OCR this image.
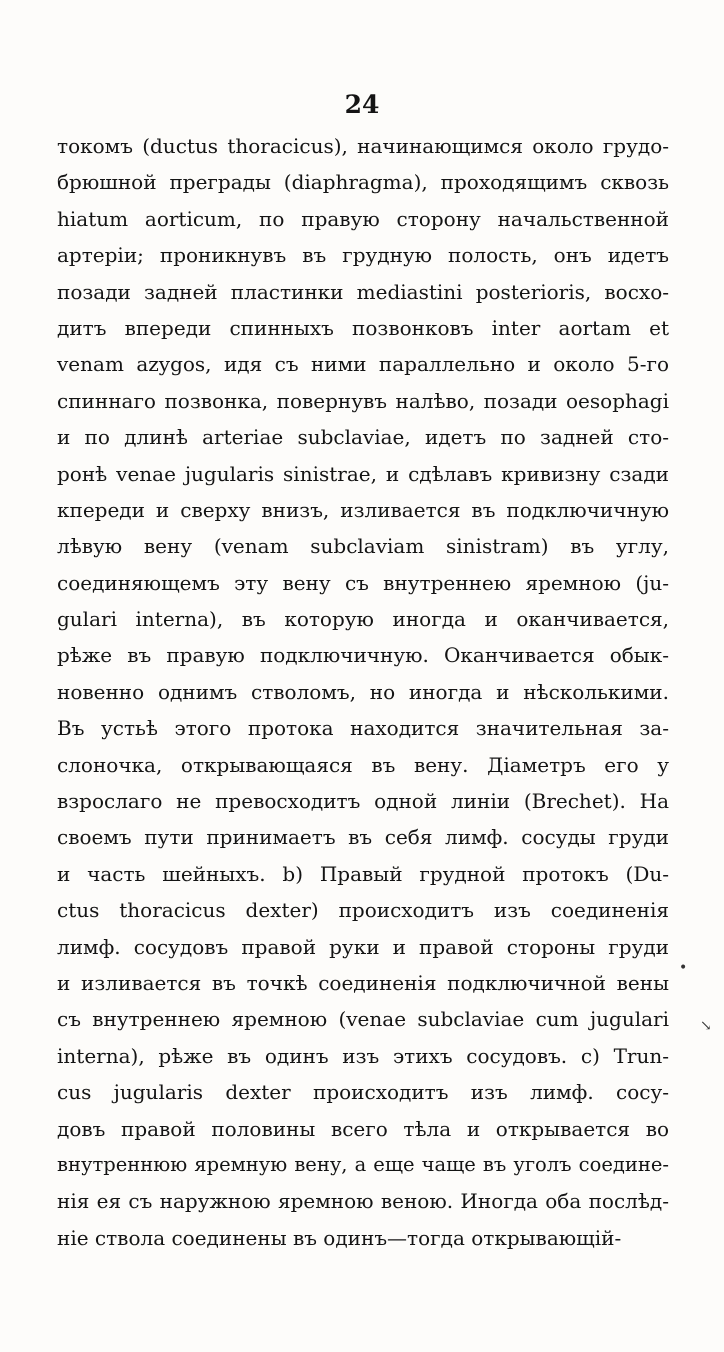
24
токомъ (ductus thoracicus), начинающимся около грудо-
брюшной преграды (diaphragma), проходящимъ сквозь
hiatum aorticum, по правую сторону начальственной
артеріи; проникнувъ въ грудную полость, онъ идетъ
позади задней пластинки mediastini posterioris, восхо-
дитъ впереди спинныхъ позвонковъ inter aortam et
venam azygos, идя съ ними параллельно и около 5-го
спиннаго позвонка, повернувъ налѣво, позади oesophagi
и по длинѣ arteriae subclaviae, идетъ по задней сто-
ронѣ venae jugularis sinistrae, и сдѣлавъ кривизну сзади
кпереди и сверху внизъ, изливается въ подключичную
лѣвую вену (venam subclaviam sinistram) въ углу,
соединяющемъ эту вену съ внутреннею яремною (ju-
gulari interna), въ которую иногда и оканчивается,
рѣже въ правую подключичную. Оканчивается обык-
новенно однимъ стволомъ, но иногда и нѣсколькими.
Въ устьѣ этого протока находится значительная за-
слоночка, открывающаяся въ вену. Діаметръ его у
взрослаго не превосходитъ одной линіи (Brechet). На
своемъ пути принимаетъ въ себя лимф. сосуды груди
и часть шейныхъ. b) Правый грудной протокъ (Du-
ctus thoracicus dexter) происходитъ изъ соединенія
лимф. сосудовъ правой руки и правой стороны груди
и изливается въ точкѣ соединенія подключичной вены
съ внутреннею яремною (venae subclaviae cum jugulari
interna), рѣже въ одинъ изъ этихъ сосудовъ. c) Trun-
cus jugularis dexter происходитъ изъ лимф. сосу-
довъ правой половины всего тѣла и открывается во
внутреннюю яремную вену, а еще чаще въ уголъ соедине-
нія ея съ наружною яремною веною. Иногда оба послѣд-
ніе ствола соединены въ одинъ—тогда открывающій-
•
↘
